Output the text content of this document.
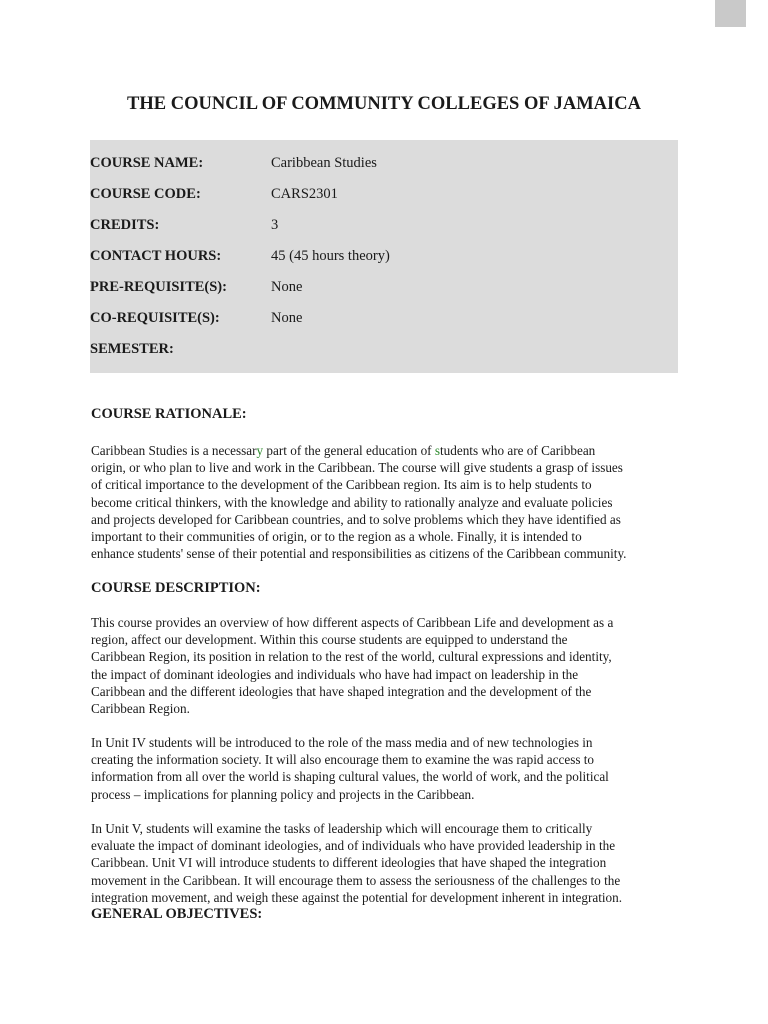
THE COUNCIL OF COMMUNITY COLLEGES OF JAMAICA
COURSE NAME:	Caribbean Studies
COURSE CODE:	CARS2301
CREDITS:	3
CONTACT HOURS:	45 (45 hours theory)
PRE-REQUISITE(S):	None
CO-REQUISITE(S):	None
SEMESTER:
COURSE RATIONALE:

Caribbean Studies is a necessary part of the general education of students who are of Caribbean
origin, or who plan to live and work in the Caribbean. The course will give students a grasp of issues
of critical importance to the development of the Caribbean region. Its aim is to help students to
become critical thinkers, with the knowledge and ability to rationally analyze and evaluate policies
and projects developed for Caribbean countries, and to solve problems which they have identified as
important to their communities of origin, or to the region as a whole. Finally, it is intended to
enhance students' sense of their potential and responsibilities as citizens of the Caribbean community.

COURSE DESCRIPTION:

This course provides an overview of how different aspects of Caribbean Life and development as a
region, affect our development. Within this course students are equipped to understand the
Caribbean Region, its position in relation to the rest of the world, cultural expressions and identity,
the impact of dominant ideologies and individuals who have had impact on leadership in the
Caribbean and the different ideologies that have shaped integration and the development of the
Caribbean Region.

In Unit IV students will be introduced to the role of the mass media and of new technologies in
creating the information society. It will also encourage them to examine the was rapid access to
information from all over the world is shaping cultural values, the world of work, and the political
process – implications for planning policy and projects in the Caribbean.

In Unit V, students will examine the tasks of leadership which will encourage them to critically
evaluate the impact of dominant ideologies, and of individuals who have provided leadership in the
Caribbean. Unit VI will introduce students to different ideologies that have shaped the integration
movement in the Caribbean. It will encourage them to assess the seriousness of the challenges to the
integration movement, and weigh these against the potential for development inherent in integration.

GENERAL OBJECTIVES:
